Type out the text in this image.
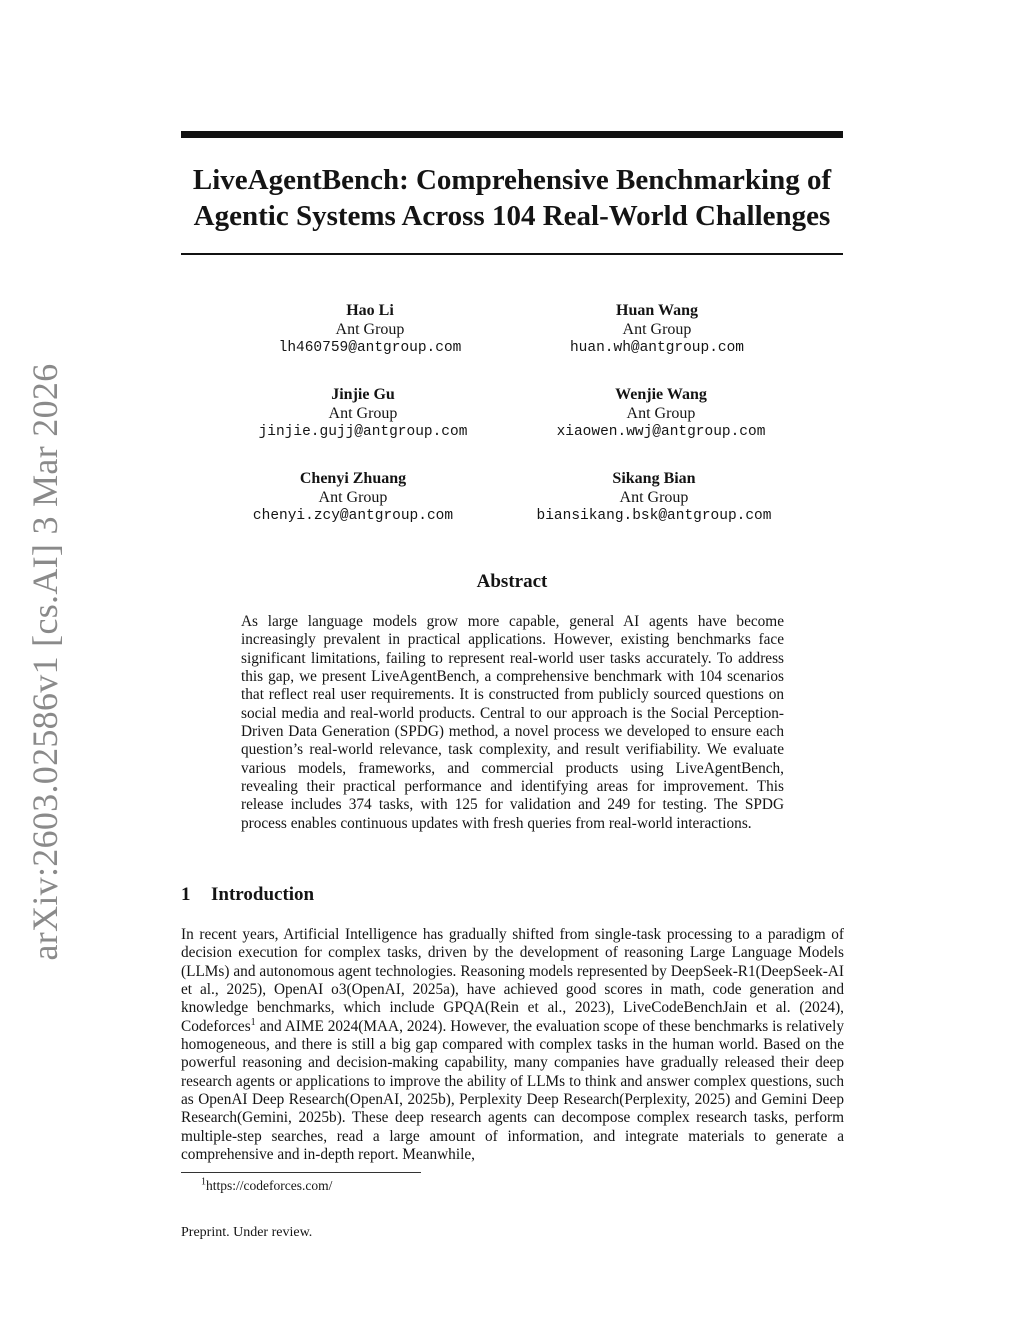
arXiv:2603.02586v1 [cs.AI] 3 Mar 2026
LiveAgentBench: Comprehensive Benchmarking of Agentic Systems Across 104 Real-World Challenges
Hao Li
Ant Group
lh460759@antgroup.com
Huan Wang
Ant Group
huan.wh@antgroup.com
Jinjie Gu
Ant Group
jinjie.gujj@antgroup.com
Wenjie Wang
Ant Group
xiaowen.wwj@antgroup.com
Chenyi Zhuang
Ant Group
chenyi.zcy@antgroup.com
Sikang Bian
Ant Group
biansikang.bsk@antgroup.com
Abstract

As large language models grow more capable, general AI agents have become increasingly prevalent in practical applications. However, existing benchmarks face significant limitations, failing to represent real-world user tasks accurately. To address this gap, we present LiveAgentBench, a comprehensive benchmark with 104 scenarios that reflect real user requirements. It is constructed from publicly sourced questions on social media and real-world products. Central to our approach is the Social Perception-Driven Data Generation (SPDG) method, a novel process we developed to ensure each question’s real-world relevance, task complexity, and result verifiability. We evaluate various models, frameworks, and commercial products using LiveAgentBench, revealing their practical performance and identifying areas for improvement. This release includes 374 tasks, with 125 for validation and 249 for testing. The SPDG process enables continuous updates with fresh queries from real-world interactions.

1 Introduction

In recent years, Artificial Intelligence has gradually shifted from single-task processing to a paradigm of decision execution for complex tasks, driven by the development of reasoning Large Language Models (LLMs) and autonomous agent technologies. Reasoning models represented by DeepSeek-R1(DeepSeek-AI et al., 2025), OpenAI o3(OpenAI, 2025a), have achieved good scores in math, code generation and knowledge benchmarks, which include GPQA(Rein et al., 2023), LiveCodeBenchJain et al. (2024), Codeforces$^1$ and AIME 2024(MAA, 2024). However, the evaluation scope of these benchmarks is relatively homogeneous, and there is still a big gap compared with complex tasks in the human world. Based on the powerful reasoning and decision-making capability, many companies have gradually released their deep research agents or applications to improve the ability of LLMs to think and answer complex questions, such as OpenAI Deep Research(OpenAI, 2025b), Perplexity Deep Research(Perplexity, 2025) and Gemini Deep Research(Gemini, 2025b). These deep research agents can decompose complex research tasks, perform multiple-step searches, read a large amount of information, and integrate materials to generate a comprehensive and in-depth report. Meanwhile,

$^1$https://codeforces.com/
Preprint. Under review.
